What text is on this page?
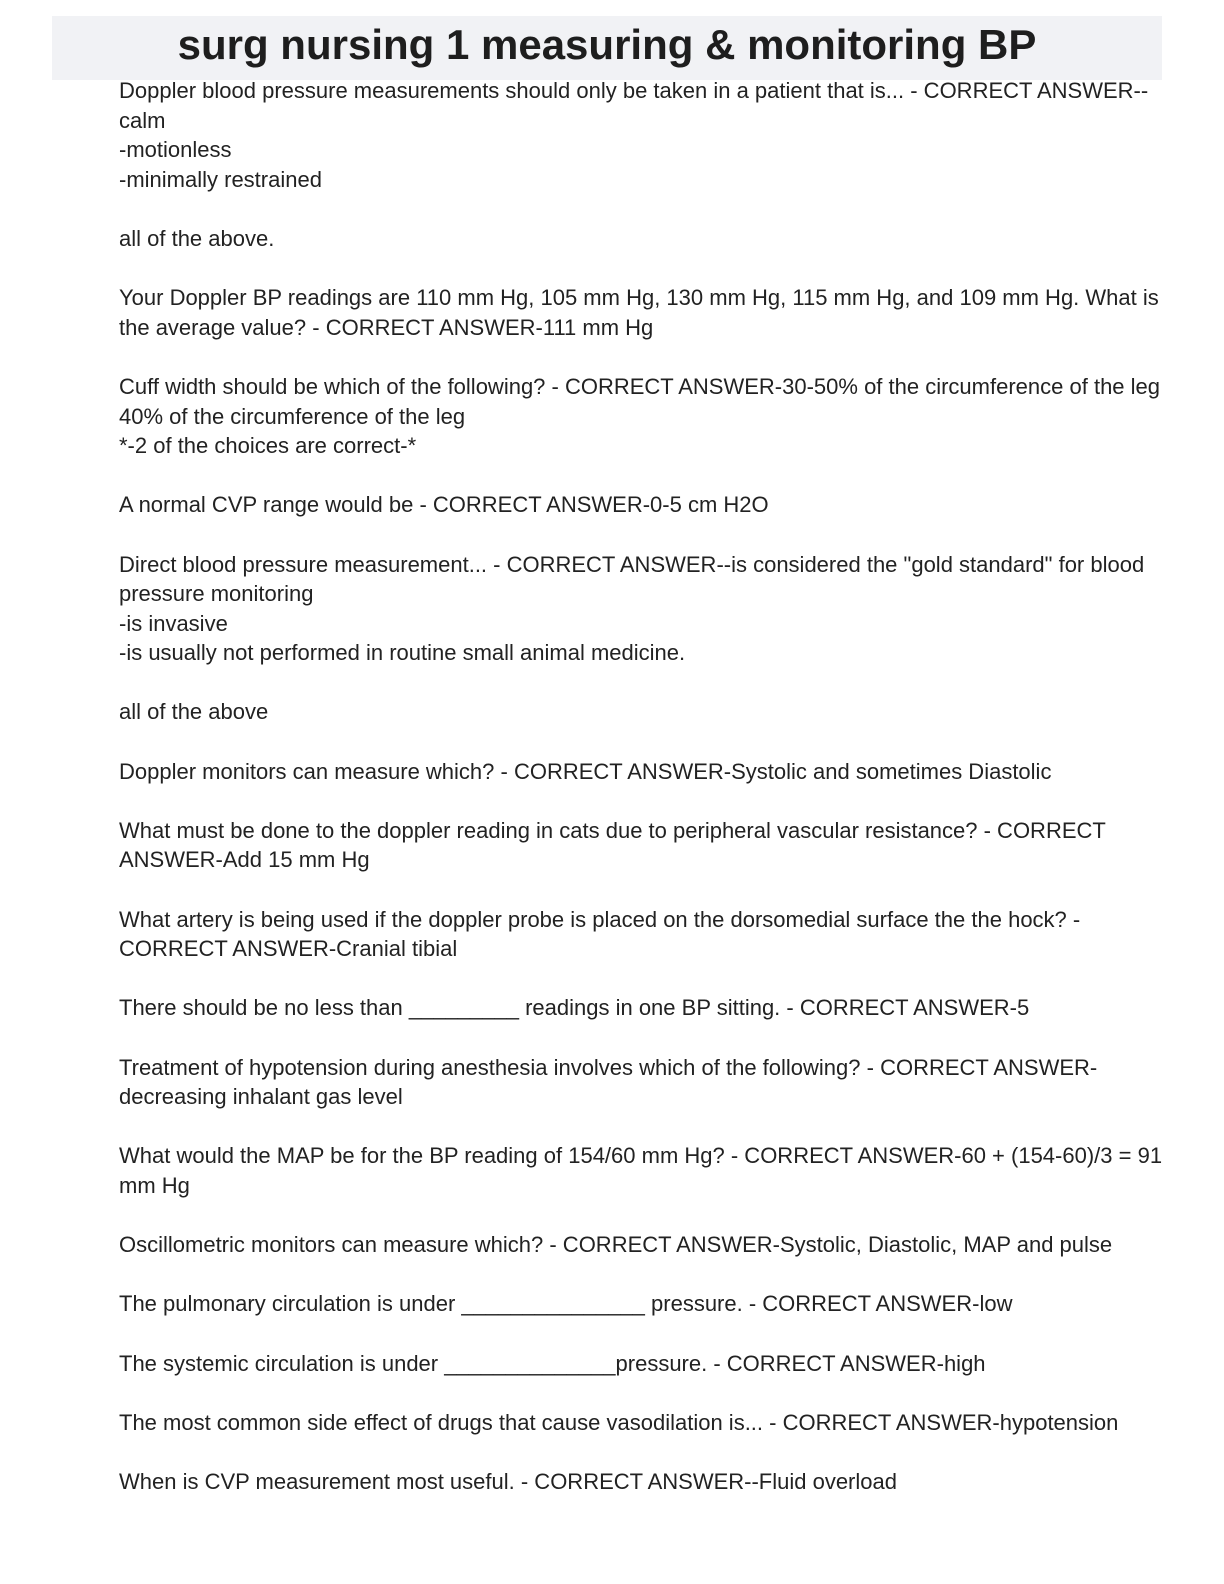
surg nursing 1 measuring & monitoring BP

Doppler blood pressure measurements should only be taken in a patient that is... - CORRECT ANSWER--calm
-motionless
-minimally restrained

all of the above.

Your Doppler BP readings are 110 mm Hg, 105 mm Hg, 130 mm Hg, 115 mm Hg, and 109 mm Hg. What is the average value? - CORRECT ANSWER-111 mm Hg

Cuff width should be which of the following? - CORRECT ANSWER-30-50% of the circumference of the leg
40% of the circumference of the leg
*-2 of the choices are correct-*

A normal CVP range would be - CORRECT ANSWER-0-5 cm H2O

Direct blood pressure measurement... - CORRECT ANSWER--is considered the "gold standard" for blood pressure monitoring
-is invasive
-is usually not performed in routine small animal medicine.

all of the above

Doppler monitors can measure which? - CORRECT ANSWER-Systolic and sometimes Diastolic

What must be done to the doppler reading in cats due to peripheral vascular resistance? - CORRECT ANSWER-Add 15 mm Hg

What artery is being used if the doppler probe is placed on the dorsomedial surface the the hock? - CORRECT ANSWER-Cranial tibial

There should be no less than _________ readings in one BP sitting. - CORRECT ANSWER-5

Treatment of hypotension during anesthesia involves which of the following? - CORRECT ANSWER-decreasing inhalant gas level

What would the MAP be for the BP reading of 154/60 mm Hg? - CORRECT ANSWER-60 + (154-60)/3 = 91 mm Hg

Oscillometric monitors can measure which? - CORRECT ANSWER-Systolic, Diastolic, MAP and pulse

The pulmonary circulation is under _______________ pressure. - CORRECT ANSWER-low

The systemic circulation is under ______________pressure. - CORRECT ANSWER-high

The most common side effect of drugs that cause vasodilation is... - CORRECT ANSWER-hypotension

When is CVP measurement most useful. - CORRECT ANSWER--Fluid overload
